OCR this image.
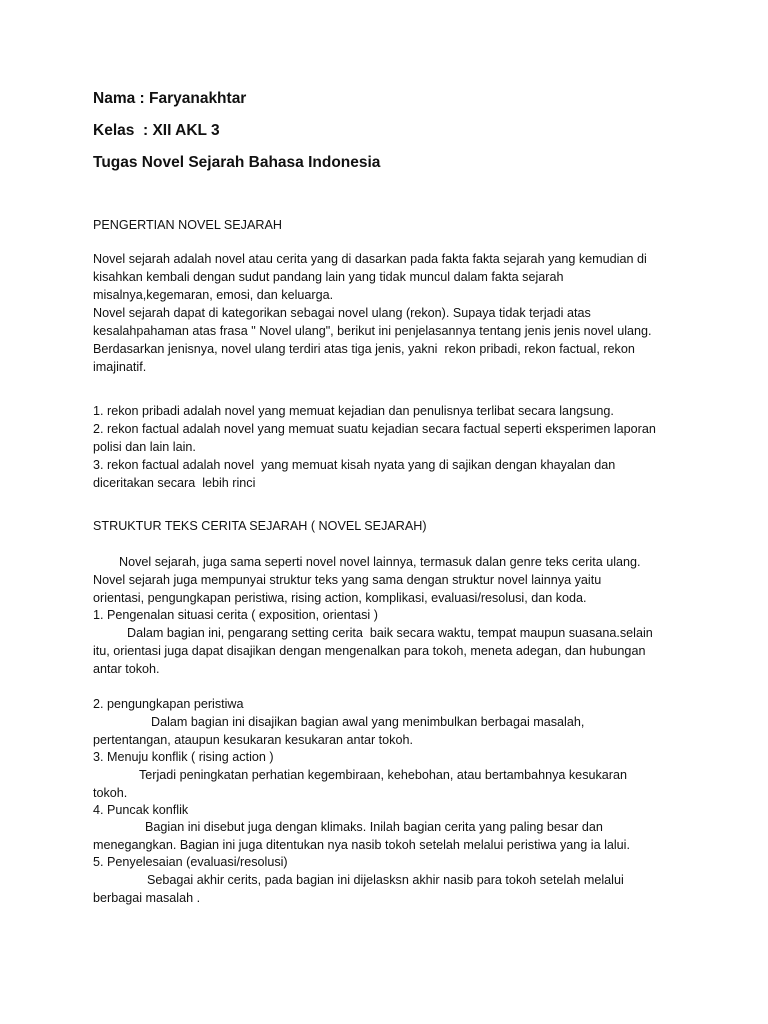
Nama : Faryanakhtar
Kelas  : XII AKL 3
Tugas Novel Sejarah Bahasa Indonesia
PENGERTIAN NOVEL SEJARAH
Novel sejarah adalah novel atau cerita yang di dasarkan pada fakta fakta sejarah yang kemudian di
kisahkan kembali dengan sudut pandang lain yang tidak muncul dalam fakta sejarah
misalnya,kegemaran, emosi, dan keluarga.
Novel sejarah dapat di kategorikan sebagai novel ulang (rekon). Supaya tidak terjadi atas
kesalahpahaman atas frasa " Novel ulang", berikut ini penjelasannya tentang jenis jenis novel ulang.
Berdasarkan jenisnya, novel ulang terdiri atas tiga jenis, yakni  rekon pribadi, rekon factual, rekon
imajinatif.
1. rekon pribadi adalah novel yang memuat kejadian dan penulisnya terlibat secara langsung.
2. rekon factual adalah novel yang memuat suatu kejadian secara factual seperti eksperimen laporan
polisi dan lain lain.
3. rekon factual adalah novel  yang memuat kisah nyata yang di sajikan dengan khayalan dan
diceritakan secara  lebih rinci
STRUKTUR TEKS CERITA SEJARAH ( NOVEL SEJARAH)
Novel sejarah, juga sama seperti novel novel lainnya, termasuk dalan genre teks cerita ulang.
Novel sejarah juga mempunyai struktur teks yang sama dengan struktur novel lainnya yaitu
orientasi, pengungkapan peristiwa, rising action, komplikasi, evaluasi/resolusi, dan koda.
1. Pengenalan situasi cerita ( exposition, orientasi )
Dalam bagian ini, pengarang setting cerita  baik secara waktu, tempat maupun suasana.selain
itu, orientasi juga dapat disajikan dengan mengenalkan para tokoh, meneta adegan, dan hubungan
antar tokoh.
2. pengungkapan peristiwa
Dalam bagian ini disajikan bagian awal yang menimbulkan berbagai masalah,
pertentangan, ataupun kesukaran kesukaran antar tokoh.
3. Menuju konflik ( rising action )
Terjadi peningkatan perhatian kegembiraan, kehebohan, atau bertambahnya kesukaran
tokoh.
4. Puncak konflik
Bagian ini disebut juga dengan klimaks. Inilah bagian cerita yang paling besar dan
menegangkan. Bagian ini juga ditentukan nya nasib tokoh setelah melalui peristiwa yang ia lalui.
5. Penyelesaian (evaluasi/resolusi)
Sebagai akhir cerits, pada bagian ini dijelasksn akhir nasib para tokoh setelah melalui
berbagai masalah .
